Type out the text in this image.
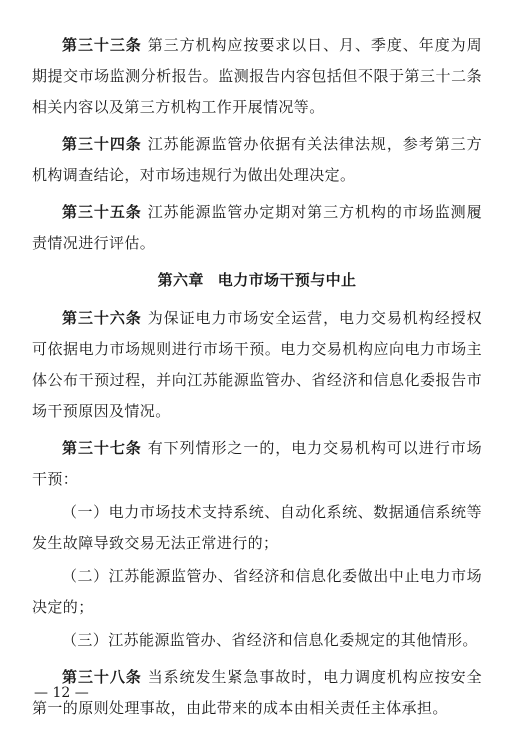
第三十三条 第三方机构应按要求以日、月、季度、年度为周期提交市场监测分析报告。监测报告内容包括但不限于第三十二条相关内容以及第三方机构工作开展情况等。

第三十四条 江苏能源监管办依据有关法律法规，参考第三方机构调查结论，对市场违规行为做出处理决定。

第三十五条 江苏能源监管办定期对第三方机构的市场监测履责情况进行评估。

第六章 电力市场干预与中止

第三十六条 为保证电力市场安全运营，电力交易机构经授权可依据电力市场规则进行市场干预。电力交易机构应向电力市场主体公布干预过程，并向江苏能源监管办、省经济和信息化委报告市场干预原因及情况。

第三十七条 有下列情形之一的，电力交易机构可以进行市场干预：

（一）电力市场技术支持系统、自动化系统、数据通信系统等发生故障导致交易无法正常进行的；

（二）江苏能源监管办、省经济和信息化委做出中止电力市场决定的；

（三）江苏能源监管办、省经济和信息化委规定的其他情形。

第三十八条 当系统发生紧急事故时，电力调度机构应按安全第一的原则处理事故，由此带来的成本由相关责任主体承担。

— 12 —
